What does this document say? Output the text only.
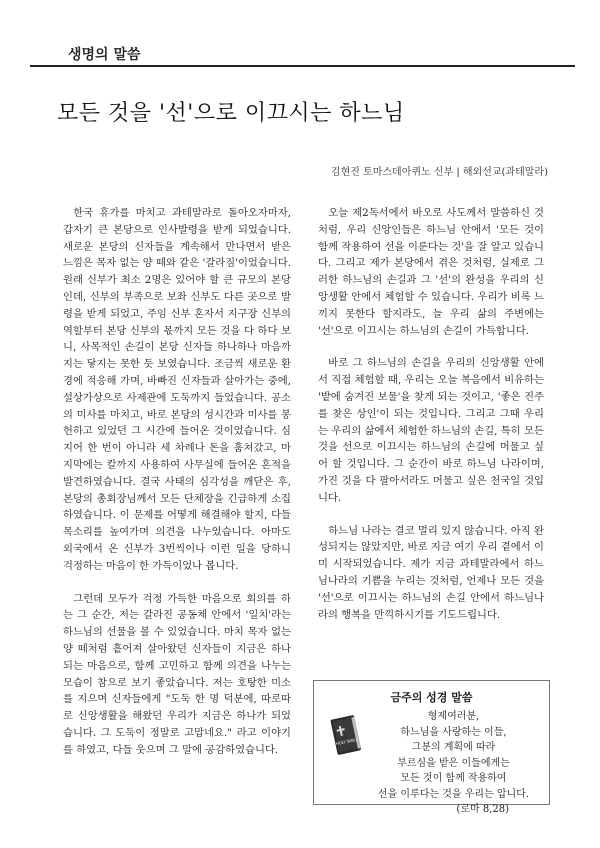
생명의 말씀
모든 것을 '선'으로 이끄시는 하느님
김현진 토마스데아퀴노 신부 | 해외선교(과테말라)

한국 휴가를 마치고 과테말라로 돌아오자마자, 갑자기 큰 본당으로 인사발령을 받게 되었습니다. 새로운 본당의 신자들을 계속해서 만나면서 받은 느낌은 목자 없는 양 떼와 같은 '갈라짐'이었습니다. 원래 신부가 최소 2명은 있어야 할 큰 규모의 본당인데, 신부의 부족으로 보좌 신부도 다른 곳으로 발령을 받게 되었고, 주임 신부 혼자서 지구장 신부의 역할부터 본당 신부의 몫까지 모든 것을 다 하다 보니, 사목적인 손길이 본당 신자들 하나하나 마음까지는 닿지는 못한 듯 보였습니다. 조금씩 새로운 환경에 적응해 가며, 바빠진 신자들과 살아가는 중에, 설상가상으로 사제관에 도둑까지 들었습니다. 공소의 미사를 마치고, 바로 본당의 성시간과 미사를 봉헌하고 있었던 그 시간에 들어온 것이었습니다. 심지어 한 번이 아니라 세 차례나 돈을 훔쳐갔고, 마지막에는 칼까지 사용하여 사무실에 들어온 흔적을 발견하였습니다. 결국 사태의 심각성을 깨닫은 후, 본당의 총회장님께서 모든 단체장을 긴급하게 소집하였습니다. 이 문제를 어떻게 해결해야 할지, 다들 목소리를 높여가며 의견을 나누었습니다. 아마도 외국에서 온 신부가 3번씩이나 이런 일을 당하니 걱정하는 마음이 한 가득이었나 봅니다.

그런데 모두가 걱정 가득한 마음으로 회의를 하는 그 순간, 저는 갈라진 공동체 안에서 '일치'라는 하느님의 선물을 볼 수 있었습니다. 마치 목자 없는 양 떼처럼 흩어져 살아왔던 신자들이 지금은 하나 되는 마음으로, 함께 고민하고 함께 의견을 나누는 모습이 참으로 보기 좋았습니다. 저는 호탕한 미소를 지으며 신자들에게 "도둑 한 명 덕분에, 따로따로 신앙생활을 해왔던 우리가 지금은 하나가 되었습니다. 그 도둑이 정말로 고맙네요." 라고 이야기를 하였고, 다들 웃으며 그 말에 공감하였습니다.

오늘 제2독서에서 바오로 사도께서 말씀하신 것처럼, 우리 신앙인들은 하느님 안에서 '모든 것이 함께 작용하여 선을 이룬다는 것'을 잘 알고 있습니다. 그리고 제가 본당에서 겪은 것처럼, 실제로 그러한 하느님의 손길과 그 '선'의 완성을 우리의 신앙생활 안에서 체험할 수 있습니다. 우리가 비록 느끼지 못한다 할지라도, 늘 우리 삶의 주변에는 '선'으로 이끄시는 하느님의 손길이 가득합니다.

바로 그 하느님의 손길을 우리의 신앙생활 안에서 직접 체험할 때, 우리는 오늘 복음에서 비유하는 '밭에 숨겨진 보물'을 찾게 되는 것이고, '좋은 진주를 찾은 상인'이 되는 것입니다. 그리고 그때 우리는 우리의 삶에서 체험한 하느님의 손길, 특히 모든 것을 선으로 이끄시는 하느님의 손길에 머물고 싶어 할 것입니다. 그 순간이 바로 하느님 나라이며, 가진 것을 다 팔아서라도 머물고 싶은 천국일 것입니다.

하느님 나라는 결코 멀리 있지 않습니다. 아직 완성되지는 않았지만, 바로 지금 여기 우리 곁에서 이미 시작되었습니다. 제가 지금 과테말라에서 하느님나라의 기쁨을 누리는 것처럼, 언제나 모든 것을 '선'으로 이끄시는 하느님의 손길 안에서 하느님나라의 행복을 만끽하시기를 기도드립니다.

금주의 성경 말씀
HOLY BIBLE
형제여러분,
하느님을 사랑하는 이들,
그분의 계획에 따라
부르심을 받은 이들에게는
모든 것이 함께 작용하여
선을 이루다는 것을 우리는 압니다.
(로마 8,28)
